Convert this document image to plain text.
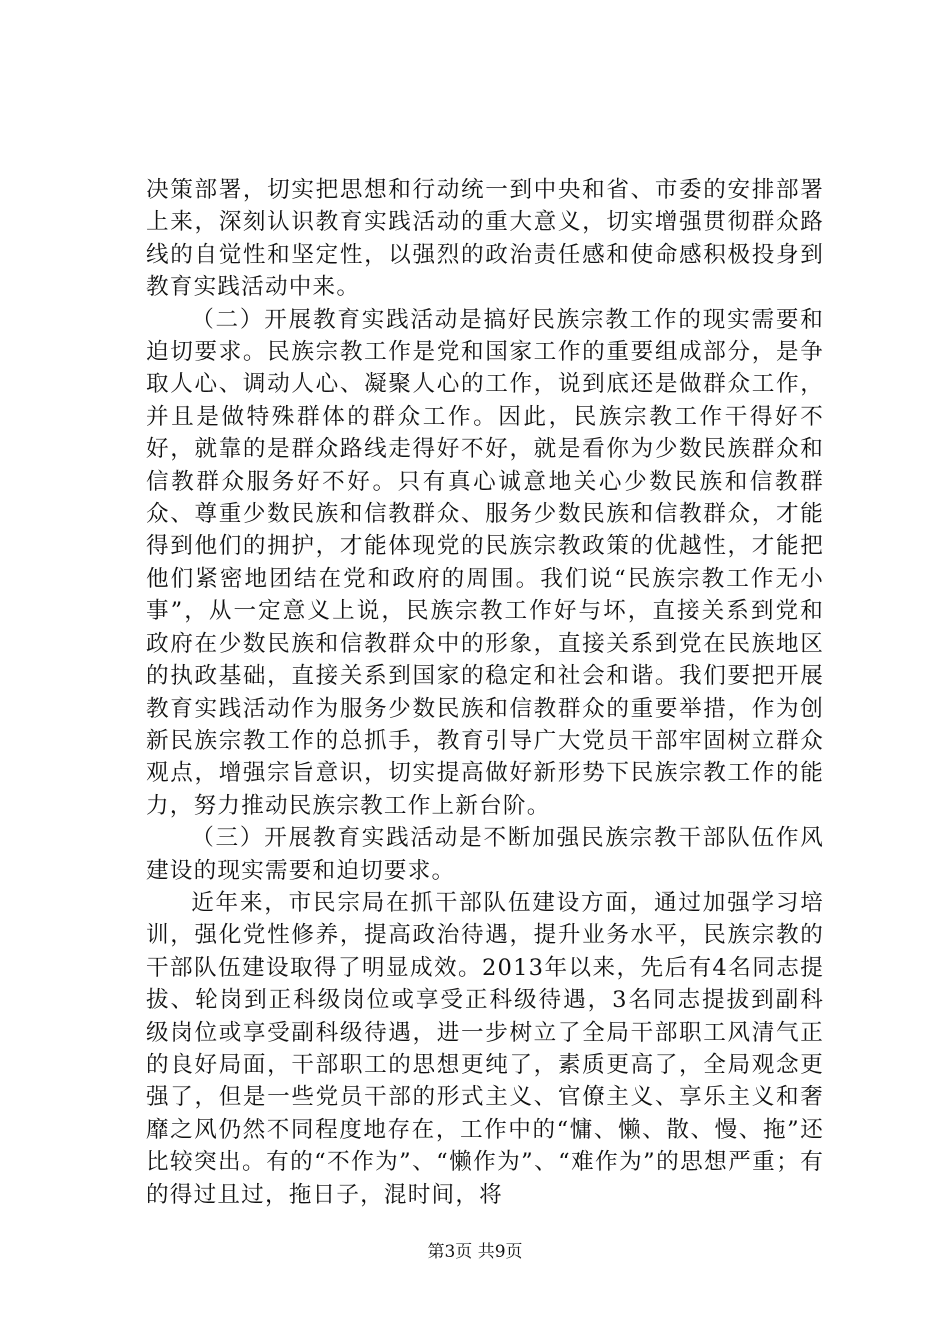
决策部署，切实把思想和行动统一到中央和省、市委的安排部署上来，深刻认识教育实践活动的重大意义，切实增强贯彻群众路线的自觉性和坚定性，以强烈的政治责任感和使命感积极投身到教育实践活动中来。

（二）开展教育实践活动是搞好民族宗教工作的现实需要和迫切要求。民族宗教工作是党和国家工作的重要组成部分，是争取人心、调动人心、凝聚人心的工作，说到底还是做群众工作，并且是做特殊群体的群众工作。因此，民族宗教工作干得好不好，就靠的是群众路线走得好不好，就是看你为少数民族群众和信教群众服务好不好。只有真心诚意地关心少数民族和信教群众、尊重少数民族和信教群众、服务少数民族和信教群众，才能得到他们的拥护，才能体现党的民族宗教政策的优越性，才能把他们紧密地团结在党和政府的周围。我们说“民族宗教工作无小事”，从一定意义上说，民族宗教工作好与坏，直接关系到党和政府在少数民族和信教群众中的形象，直接关系到党在民族地区的执政基础，直接关系到国家的稳定和社会和谐。我们要把开展教育实践活动作为服务少数民族和信教群众的重要举措，作为创新民族宗教工作的总抓手，教育引导广大党员干部牢固树立群众观点，增强宗旨意识，切实提高做好新形势下民族宗教工作的能力，努力推动民族宗教工作上新台阶。

（三）开展教育实践活动是不断加强民族宗教干部队伍作风建设的现实需要和迫切要求。

近年来，市民宗局在抓干部队伍建设方面，通过加强学习培训，强化党性修养，提高政治待遇，提升业务水平，民族宗教的干部队伍建设取得了明显成效。2013年以来，先后有4名同志提拔、轮岗到正科级岗位或享受正科级待遇，3名同志提拔到副科级岗位或享受副科级待遇，进一步树立了全局干部职工风清气正的良好局面，干部职工的思想更纯了，素质更高了，全局观念更强了，但是一些党员干部的形式主义、官僚主义、享乐主义和奢靡之风仍然不同程度地存在，工作中的“慵、懒、散、慢、拖”还比较突出。有的“不作为”、“懒作为”、“难作为”的思想严重；有的得过且过，拖日子，混时间，将

第3页 共9页
